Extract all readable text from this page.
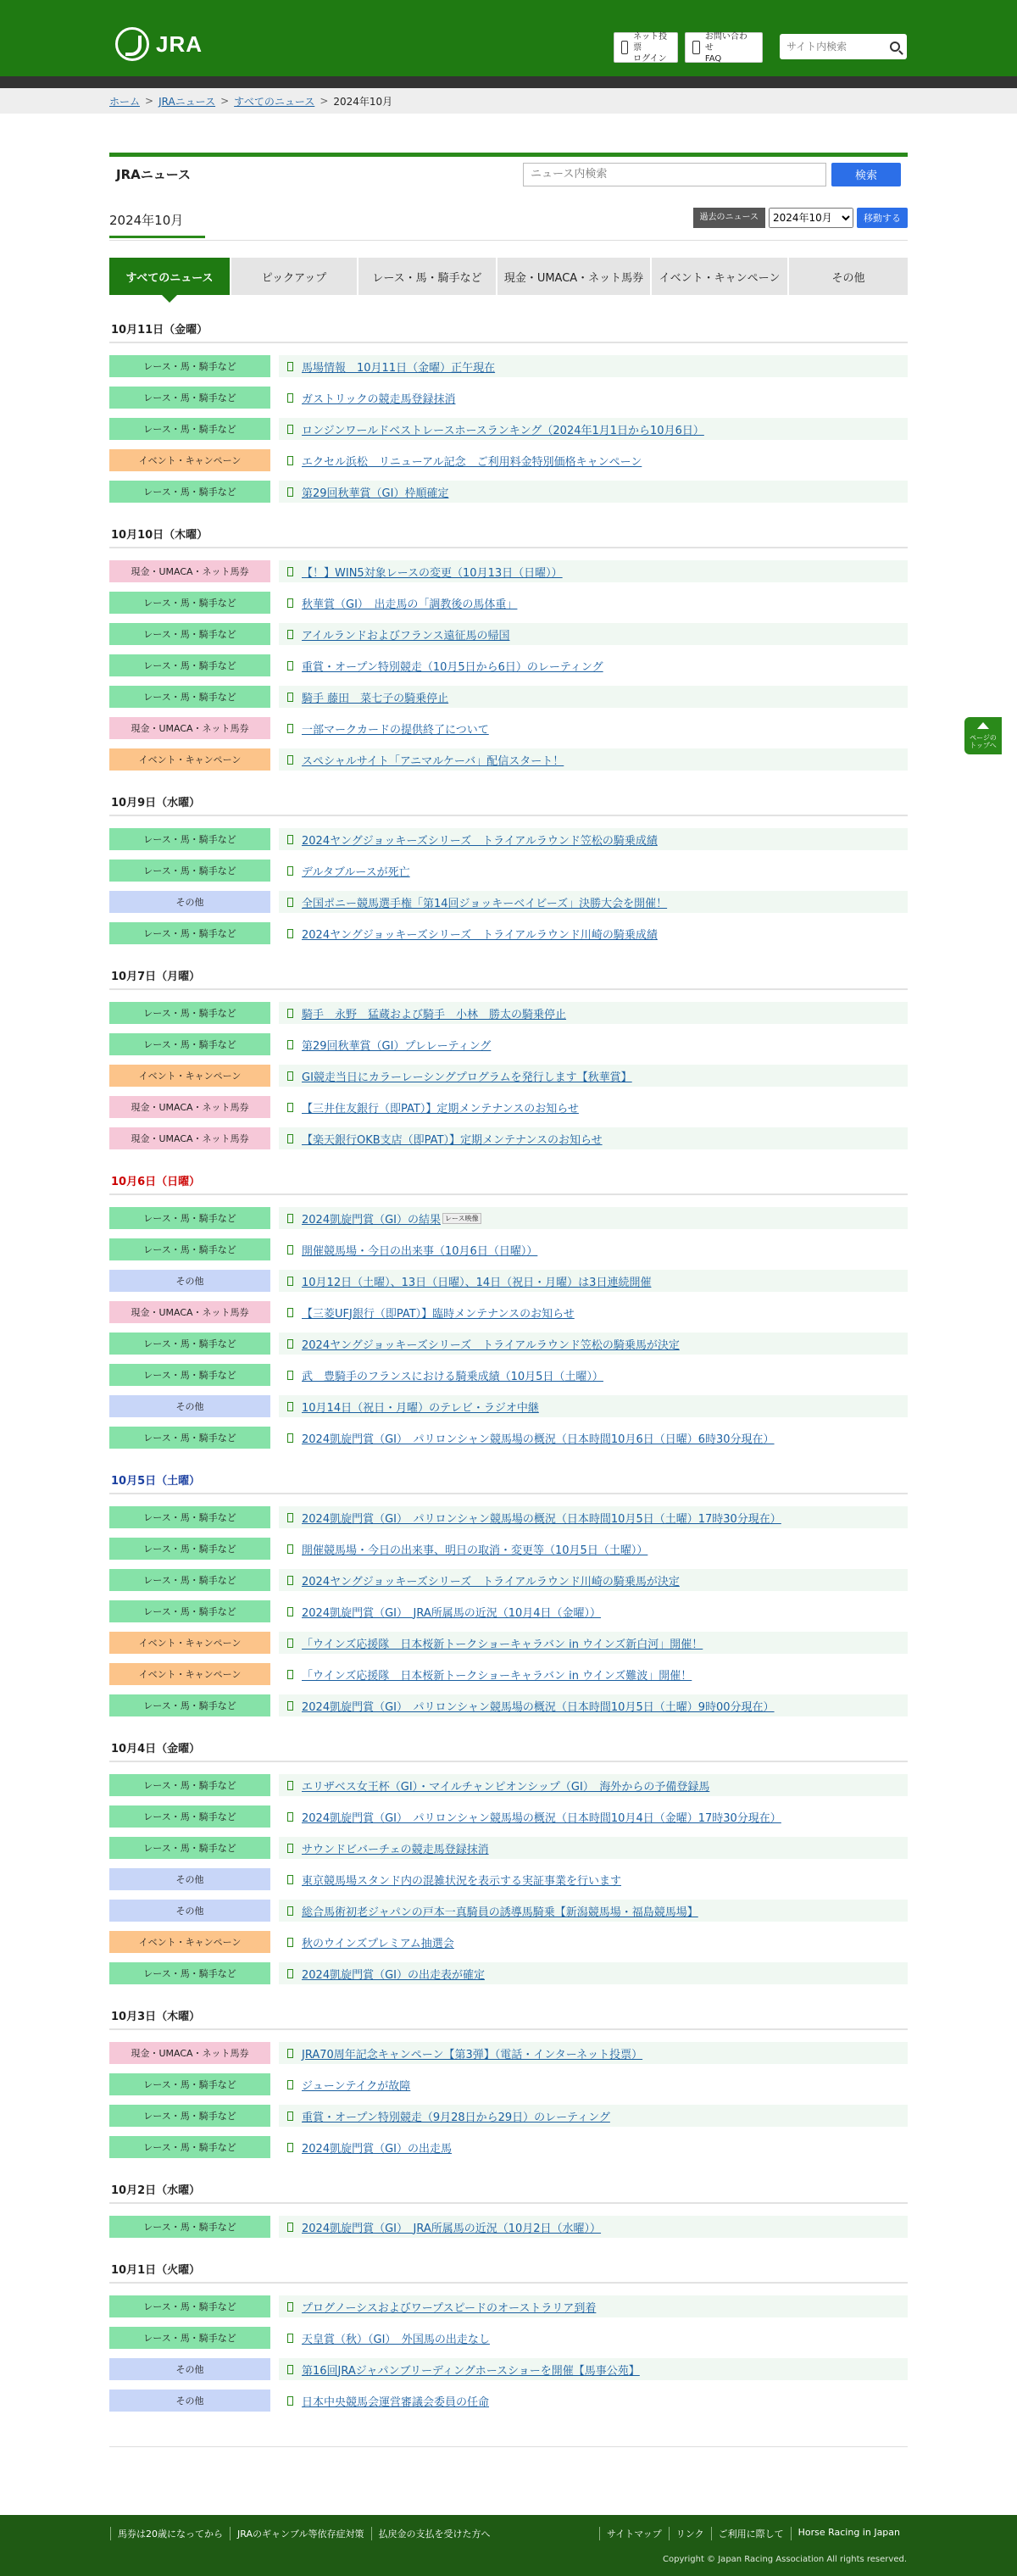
JRA	ネット投票
ログイン
お問い合わせ
FAQ
サイト内検索
ホーム > JRAニュース > すべてのニュース > 2024年10月
JRAニュース
ニュース内検索	検索
2024年10月	過去のニュース
2024年10月	移動する
すべてのニュース	ピックアップ	レース・馬・騎手など	現金・UMACA・ネット馬券	イベント・キャンペーン	その他
10月11日（金曜）
レース・馬・騎手など	馬場情報　10月11日（金曜）正午現在
レース・馬・騎手など	ガストリックの競走馬登録抹消
レース・馬・騎手など	ロンジンワールドベストレースホースランキング（2024年1月1日から10月6日）
イベント・キャンペーン	エクセル浜松　リニューアル記念　ご利用料金特別価格キャンペーン
レース・馬・騎手など	第29回秋華賞（GI）枠順確定
10月10日（木曜）
現金・UMACA・ネット馬券	【！】WIN5対象レースの変更（10月13日（日曜））
レース・馬・騎手など	秋華賞（GI）　出走馬の「調教後の馬体重」
レース・馬・騎手など	アイルランドおよびフランス遠征馬の帰国
レース・馬・騎手など	重賞・オープン特別競走（10月5日から6日）のレーティング
レース・馬・騎手など	騎手 藤田　菜七子の騎乗停止
現金・UMACA・ネット馬券	一部マークカードの提供終了について
イベント・キャンペーン	スペシャルサイト「アニマルケーバ」配信スタート！
10月9日（水曜）
レース・馬・騎手など	2024ヤングジョッキーズシリーズ　トライアルラウンド笠松の騎乗成績
レース・馬・騎手など	デルタブルースが死亡
その他	全国ポニー競馬選手権「第14回ジョッキーベイビーズ」決勝大会を開催！
レース・馬・騎手など	2024ヤングジョッキーズシリーズ　トライアルラウンド川崎の騎乗成績
10月7日（月曜）
レース・馬・騎手など	騎手　永野　猛蔵および騎手　小林　勝太の騎乗停止
レース・馬・騎手など	第29回秋華賞（GI）プレレーティング
イベント・キャンペーン	GI競走当日にカラーレーシングプログラムを発行します【秋華賞】
現金・UMACA・ネット馬券	【三井住友銀行（即PAT）】定期メンテナンスのお知らせ
現金・UMACA・ネット馬券	【楽天銀行OKB支店（即PAT）】定期メンテナンスのお知らせ
10月6日（日曜）
レース・馬・騎手など	2024凱旋門賞（GI）の結果 レース映像
レース・馬・騎手など	開催競馬場・今日の出来事（10月6日（日曜））
その他	10月12日（土曜）、13日（日曜）、14日（祝日・月曜）は3日連続開催
現金・UMACA・ネット馬券	【三菱UFJ銀行（即PAT）】臨時メンテナンスのお知らせ
レース・馬・騎手など	2024ヤングジョッキーズシリーズ　トライアルラウンド笠松の騎乗馬が決定
レース・馬・騎手など	武　豊騎手のフランスにおける騎乗成績（10月5日（土曜））
その他	10月14日（祝日・月曜）のテレビ・ラジオ中継
レース・馬・騎手など	2024凱旋門賞（GI）　パリロンシャン競馬場の概況（日本時間10月6日（日曜）6時30分現在）
10月5日（土曜）
レース・馬・騎手など	2024凱旋門賞（GI）　パリロンシャン競馬場の概況（日本時間10月5日（土曜）17時30分現在）
レース・馬・騎手など	開催競馬場・今日の出来事、明日の取消・変更等（10月5日（土曜））
レース・馬・騎手など	2024ヤングジョッキーズシリーズ　トライアルラウンド川崎の騎乗馬が決定
レース・馬・騎手など	2024凱旋門賞（GI）　JRA所属馬の近況（10月4日（金曜））
イベント・キャンペーン	「ウインズ応援隊　日本桜新トークショーキャラバン in ウインズ新白河」開催！
イベント・キャンペーン	「ウインズ応援隊　日本桜新トークショーキャラバン in ウインズ難波」開催！
レース・馬・騎手など	2024凱旋門賞（GI）　パリロンシャン競馬場の概況（日本時間10月5日（土曜）9時00分現在）
10月4日（金曜）
レース・馬・騎手など	エリザベス女王杯（GI）・マイルチャンピオンシップ（GI）　海外からの予備登録馬
レース・馬・騎手など	2024凱旋門賞（GI）　パリロンシャン競馬場の概況（日本時間10月4日（金曜）17時30分現在）
レース・馬・騎手など	サウンドビバーチェの競走馬登録抹消
その他	東京競馬場スタンド内の混雑状況を表示する実証事業を行います
その他	総合馬術初老ジャパンの戸本一真騎員の誘導馬騎乗【新潟競馬場・福島競馬場】
イベント・キャンペーン	秋のウインズプレミアム抽選会
レース・馬・騎手など	2024凱旋門賞（GI）の出走表が確定
10月3日（木曜）
現金・UMACA・ネット馬券	JRA70周年記念キャンペーン【第3弾】（電話・インターネット投票）
レース・馬・騎手など	ジューンテイクが故障
レース・馬・騎手など	重賞・オープン特別競走（9月28日から29日）のレーティング
レース・馬・騎手など	2024凱旋門賞（GI）の出走馬
10月2日（水曜）
レース・馬・騎手など	2024凱旋門賞（GI）　JRA所属馬の近況（10月2日（水曜））
10月1日（火曜）
レース・馬・騎手など	プログノーシスおよびワープスピードのオーストラリア到着
レース・馬・騎手など	天皇賞（秋）（GI）　外国馬の出走なし
その他	第16回JRAジャパンブリーディングホースショーを開催【馬事公苑】
その他	日本中央競馬会運営審議会委員の任命
ページの
トップへ
馬券は20歳になってから	JRAのギャンブル等依存症対策	払戻金の支払を受けた方へ	サイトマップ	リンク	ご利用に際して	Horse Racing in Japan
Copyright © Japan Racing Association All rights reserved.
